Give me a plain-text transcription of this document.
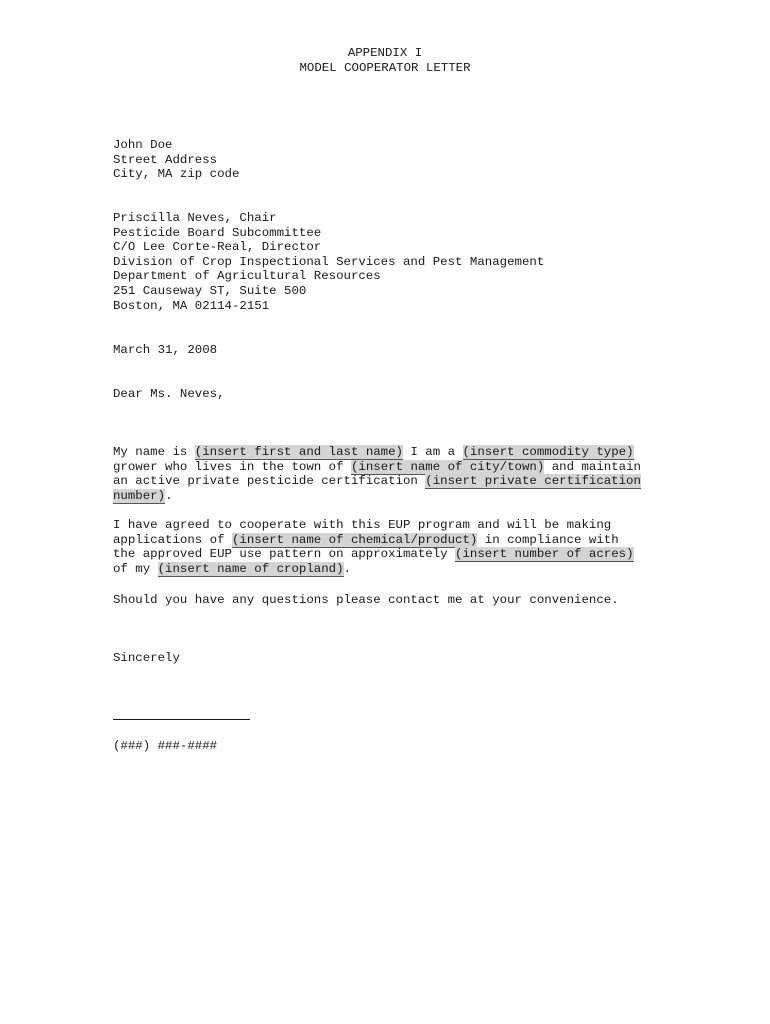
APPENDIX I
MODEL COOPERATOR LETTER
John Doe
Street Address
City, MA zip code
Priscilla Neves, Chair
Pesticide Board Subcommittee
C/O Lee Corte-Real, Director
Division of Crop Inspectional Services and Pest Management
Department of Agricultural Resources
251 Causeway ST, Suite 500
Boston, MA 02114-2151
March 31, 2008
Dear Ms. Neves,
My name is (insert first and last name) I am a (insert commodity type)
grower who lives in the town of (insert name of city/town) and maintain
an active private pesticide certification (insert private certification
number).
I have agreed to cooperate with this EUP program and will be making
applications of (insert name of chemical/product) in compliance with
the approved EUP use pattern on approximately (insert number of acres)
of my (insert name of cropland).
Should you have any questions please contact me at your convenience.
Sincerely
(###) ###-####
